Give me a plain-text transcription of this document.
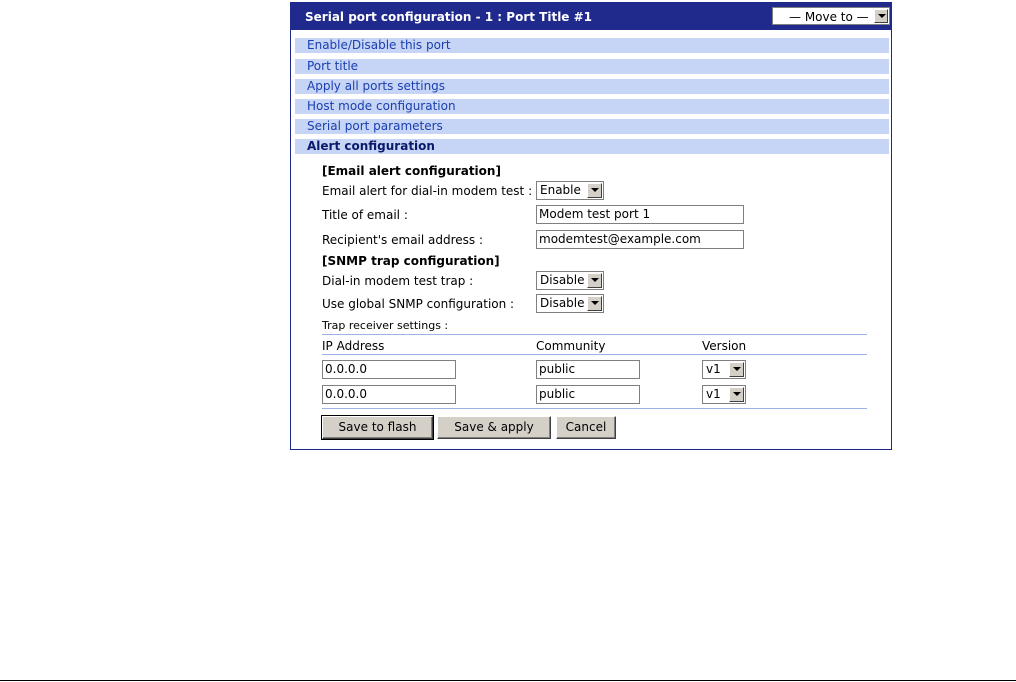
Serial port configuration - 1 : Port Title #1	— Move to —
Enable/Disable this port
Port title
Apply all ports settings
Host mode configuration
Serial port parameters
Alert configuration
[Email alert configuration]
Email alert for dial-in modem test : Enable
Title of email :	Modem test port 1
Recipient's email address :	modemtest@example.com
[SNMP trap configuration]
Dial-in modem test trap :	Disable
Use global SNMP configuration : Disable
Trap receiver settings :
IP Address	Community	Version
0.0.0.0	public	v1
0.0.0.0	public	v1
Save to flash	Save & apply	Cancel
